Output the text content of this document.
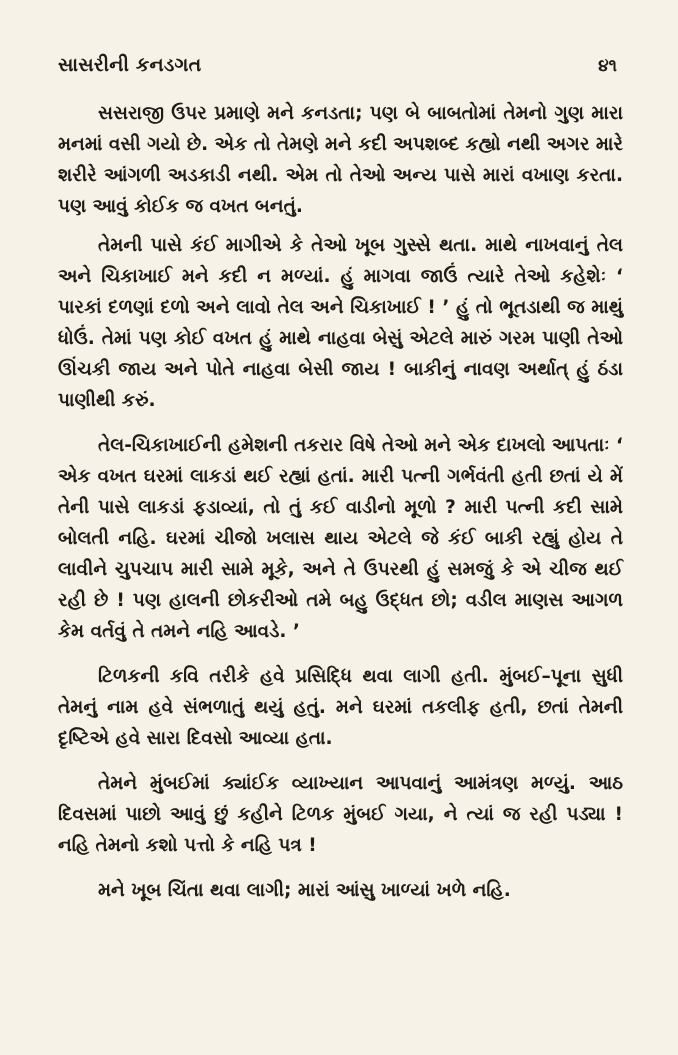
સાસરીની કનડગત	૪૧

સસરાજી ઉપર પ્રમાણે મને કનડતા; પણ બે બાબતોમાં તેમનો ગુણ મારા મનમાં વસી ગયો છે. એક તો તેમણે મને કદી અપશબ્દ કહ્યો નથી અગર મારે શરીરે આંગળી અડકાડી નથી. એમ તો તેઓ અન્ય પાસે મારાં વખાણ કરતા. પણ આવું કોઈક જ વખત બનતું.

તેમની પાસે કંઈ માગીએ કે તેઓ ખૂબ ગુસ્સે થતા. માથે નાખવાનું તેલ અને ચિકાખાઈ મને કદી ન મળ્યાં. હું માગવા જાઉં ત્યારે તેઓ કહેશેઃ ‘ પારકાં દળણાં દળો અને લાવો તેલ અને ચિકાખાઈ ! ’ હું તો ભૂતડાથી જ માથું ધોઉં. તેમાં પણ કોઈ વખત હું માથે નાહવા બેસું એટલે મારું ગરમ પાણી તેઓ ઊંચકી જાય અને પોતે નાહવા બેસી જાય ! બાકીનું નાવણ અર્થાત્ હું ઠંડા પાણીથી કરું.

તેલ-ચિકાખાઈની હમેશની તકરાર વિષે તેઓ મને એક દાખલો આપતાઃ ‘ એક વખત ઘરમાં લાકડાં થઈ રહ્યાં હતાં. મારી પત્ની ગર્ભવંતી હતી છતાં યે મેં તેની પાસે લાકડાં ફડાવ્યાં, તો તું કઈ વાડીનો મૂળો ? મારી પત્ની કદી સામે બોલતી નહિ. ઘરમાં ચીજો ખલાસ થાય એટલે જે કંઈ બાકી રહ્યું હોય તે લાવીને ચુપચાપ મારી સામે મૂકે, અને તે ઉપરથી હું સમજું કે એ ચીજ થઈ રહી છે ! પણ હાલની છોકરીઓ તમે બહુ ઉદ્ધત છો; વડીલ માણસ આગળ કેમ વર્તવું તે તમને નહિ આવડે. ’

ટિળકની કવિ તરીકે હવે પ્રસિદ્ધિ થવા લાગી હતી. મુંબઈ–પૂના સુધી તેમનું નામ હવે સંભળાતું થયું હતું. મને ઘરમાં તકલીફ હતી, છતાં તેમની દૃષ્ટિએ હવે સારા દિવસો આવ્યા હતા.

તેમને મુંબઈમાં ક્યાંઈક વ્યાખ્યાન આપવાનું આમંત્રણ મળ્યું. આઠ દિવસમાં પાછો આવું છું કહીને ટિળક મુંબઈ ગયા, ને ત્યાં જ રહી પડ્યા ! નહિ તેમનો કશો પત્તો કે નહિ પત્ર !

મને ખૂબ ચિંતા થવા લાગી; મારાં આંસુ ખાળ્યાં ખળે નહિ.
